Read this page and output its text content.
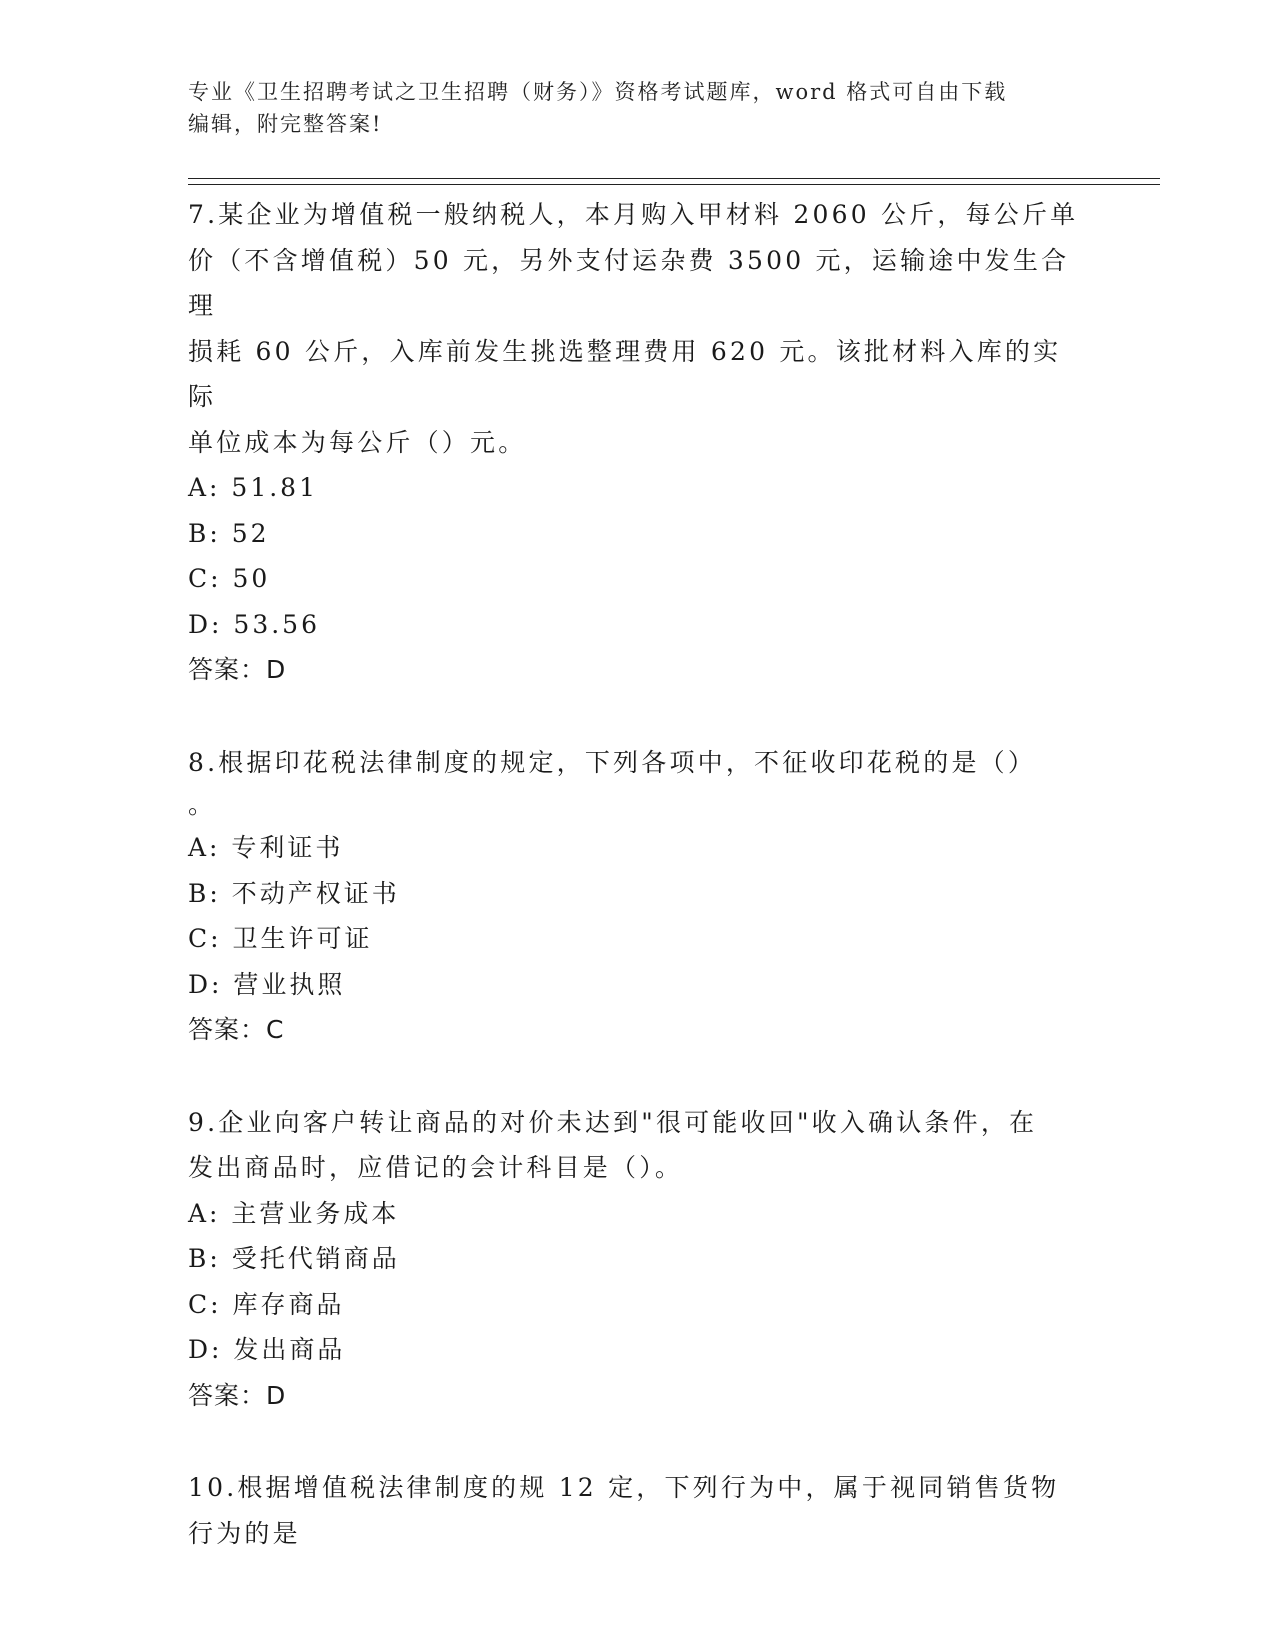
专业《卫生招聘考试之卫生招聘（财务）》资格考试题库，word 格式可自由下载
编辑，附完整答案!

7.某企业为增值税一般纳税人，本月购入甲材料 2060 公斤，每公斤单

价（不含增值税）50 元，另外支付运杂费 3500 元，运输途中发生合理

损耗 60 公斤，入库前发生挑选整理费用 620 元。该批材料入库的实际

单位成本为每公斤（）元。

A: 51.81

B: 52

C: 50

D: 53.56

答案：D

8.根据印花税法律制度的规定，下列各项中，不征收印花税的是（）

。

A: 专利证书

B: 不动产权证书

C: 卫生许可证

D: 营业执照

答案：C

9.企业向客户转让商品的对价未达到"很可能收回"收入确认条件，在

发出商品时，应借记的会计科目是（）。

A: 主营业务成本

B: 受托代销商品

C: 库存商品

D: 发出商品

答案：D

10.根据增值税法律制度的规 12 定，下列行为中，属于视同销售货物

行为的是
